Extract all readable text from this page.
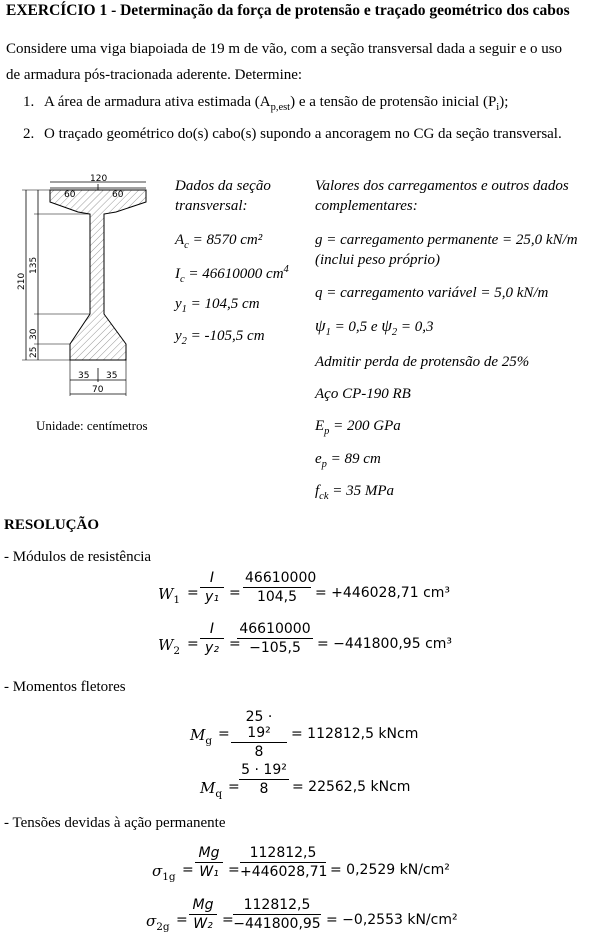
EXERCÍCIO 1 - Determinação da força de protensão e traçado geométrico dos cabos
Considere uma viga biapoiada de 19 m de vão, com a seção transversal dada a seguir e o uso
de armadura pós-tracionada aderente. Determine:
1. A área de armadura ativa estimada $(A_{p,est})$ e a tensão de protensão inicial $(P_i)$;
2. O traçado geométrico do(s) cabo(s) supondo a ancoragem no CG da seção transversal.
120
60	60
210
135
25
30
35 35
70
Unidade: centímetros
Dados da seção
transversal:
$A_c = 8570$ cm²
$I_c = 46610000$ $cm^4$
$y_1 = 104,5$ cm
$y_2 = -105,5$ cm
Valores dos carregamentos e outros dados
complementares:
g = carregamento permanente = 25,0 kN/m
(inclui peso próprio)
q = carregamento variável = 5,0 kN/m
$\psi_1 = 0,5$ e $\psi_2 = 0,3$
Admitir perda de protensão de 25%
Aço CP-190 RB
$E_p = 200$ GPa
$e_p = 89$ cm
$f_{ck} = 35$ MPa
RESOLUÇÃO
- Módulos de resistência
$W_1$ =
I
y₁ =
46610000
104,5	= +446028,71 cm³
$W_2$ =
I
y₂ =
46610000
−105,5	= −441800,95 cm³
- Momentos fletores
$M_g$ =
25 · 19²
8
= 112812,5 kNcm
$M_q$ =
5 · 19²
8	= 22562,5 kNcm
- Tensões devidas à ação permanente
$\sigma_{1g}$ =
Mg
W₁ =
112812,5
+446028,71 = 0,2529 kN/cm²
$\sigma_{2g}$ =
Mg
W₂ =
112812,5
−441800,95 = −0,2553 kN/cm²
